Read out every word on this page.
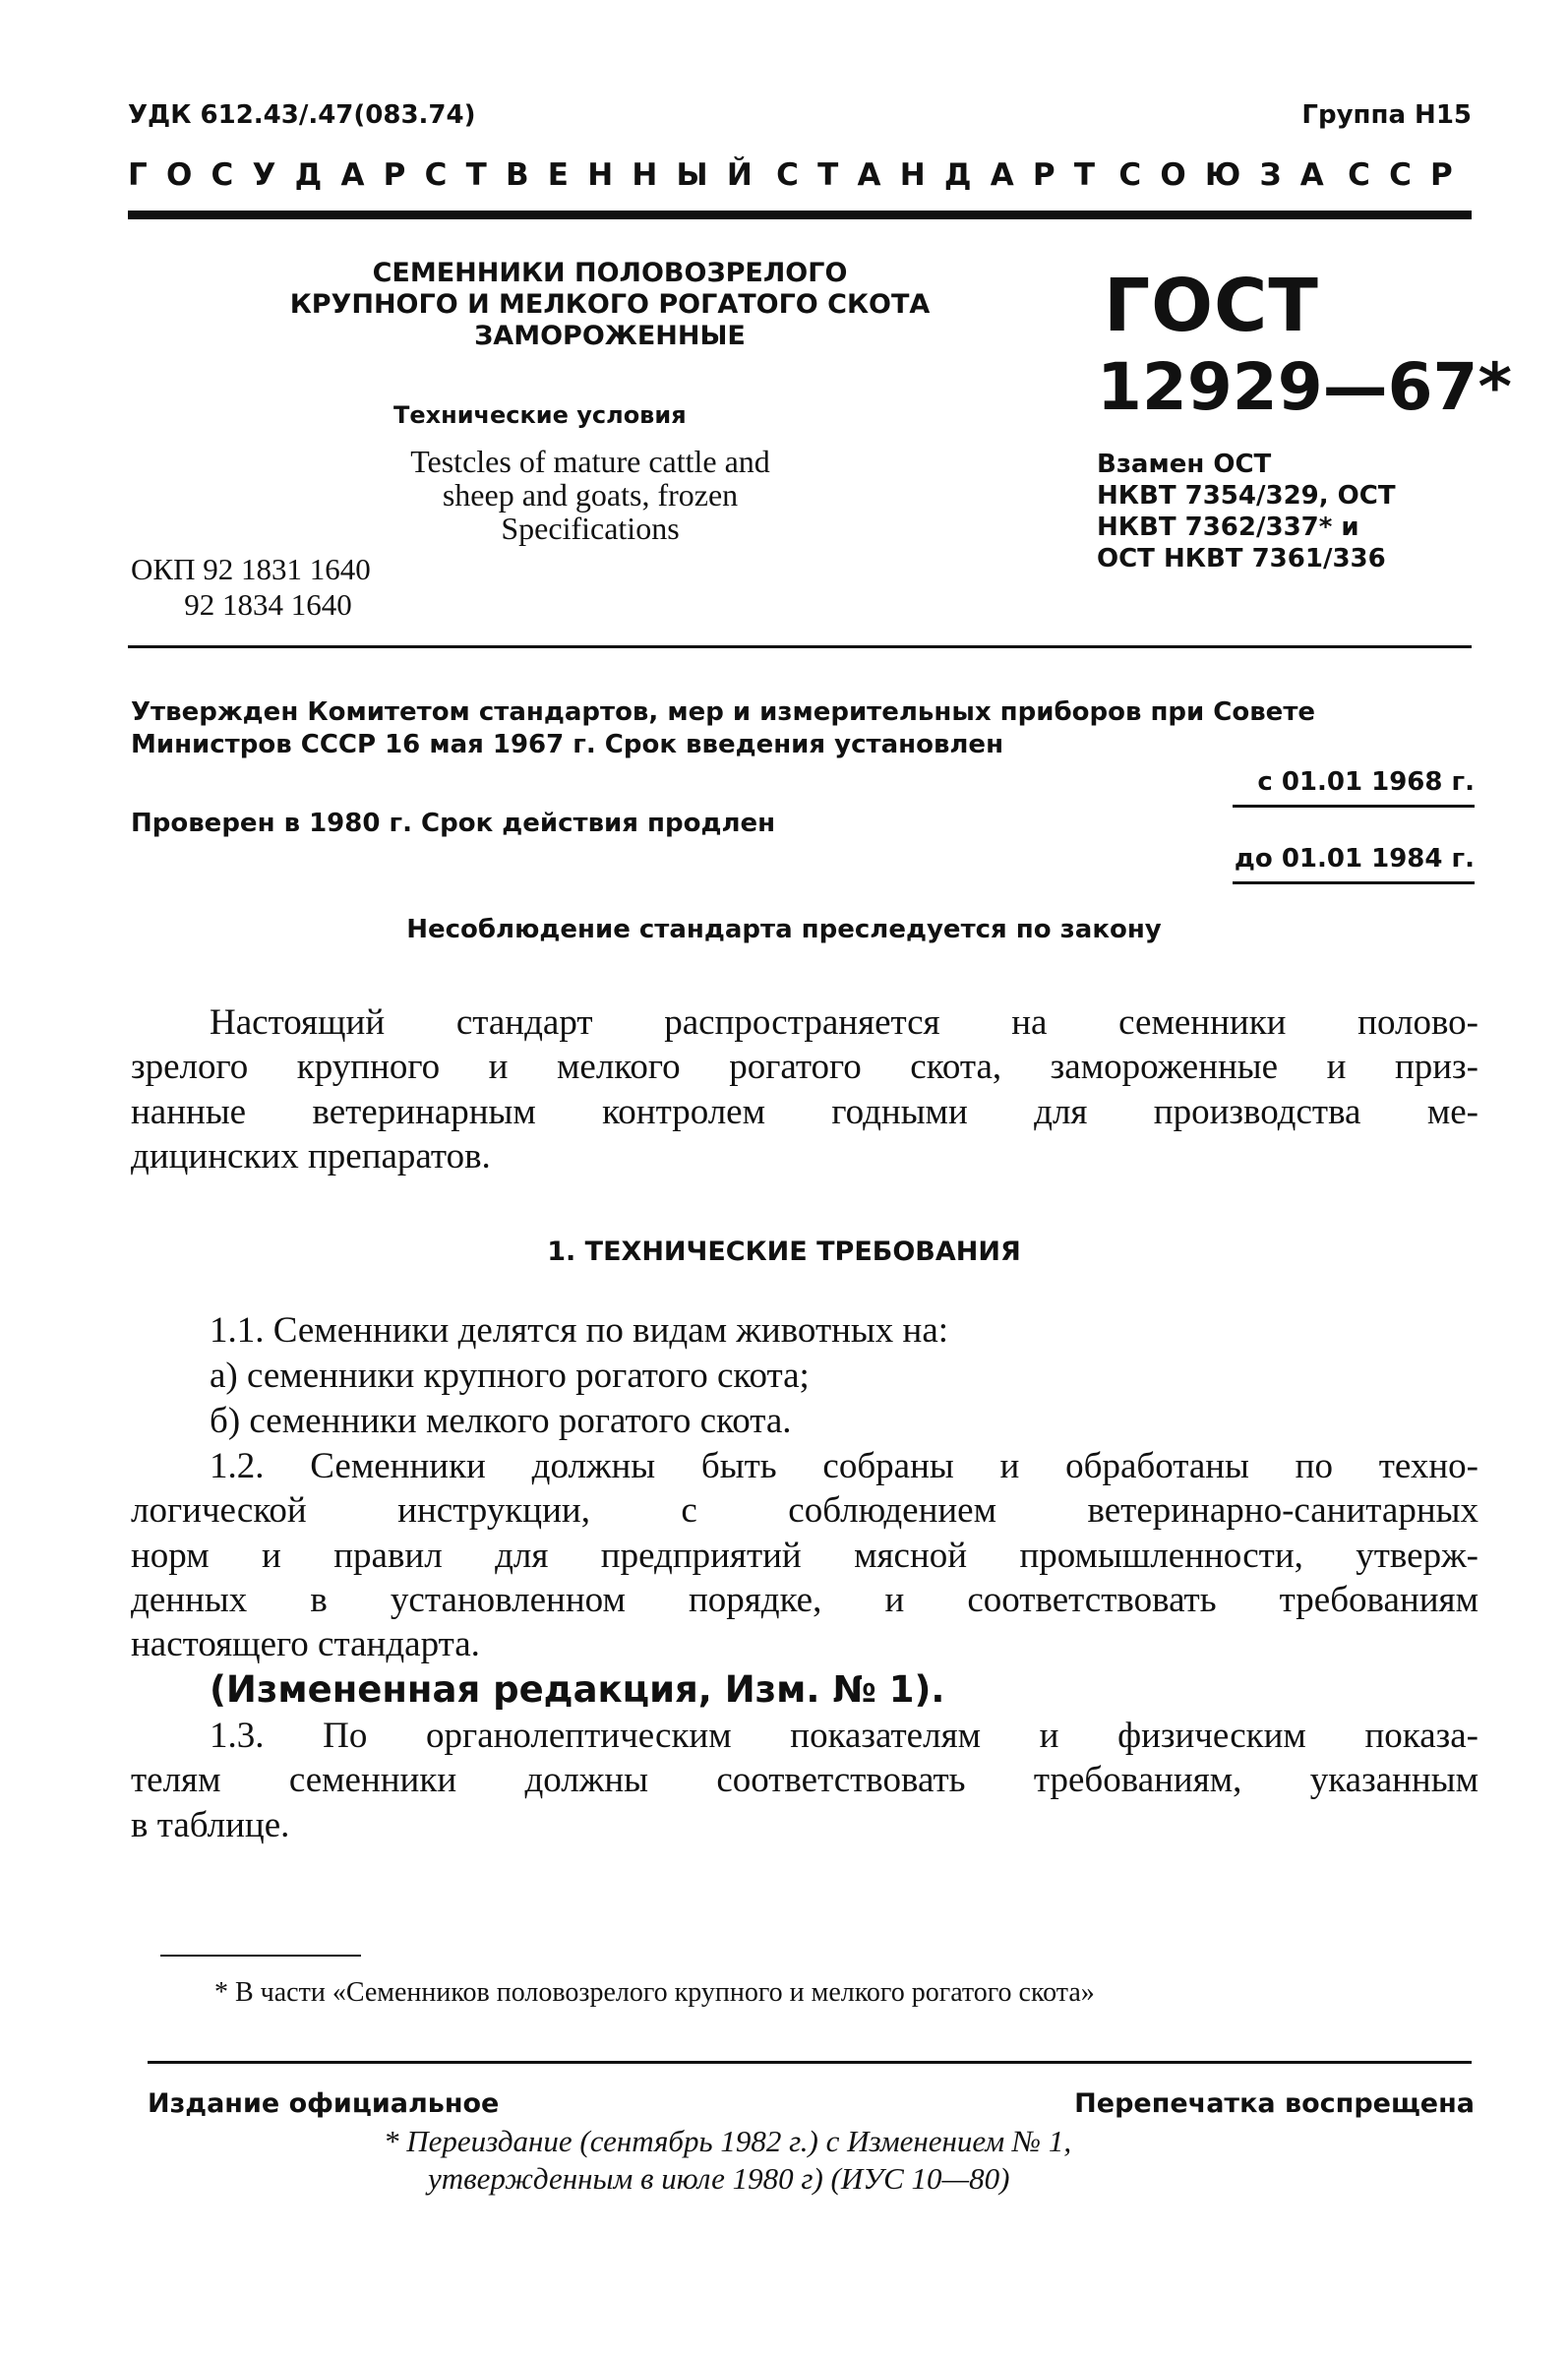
УДК 612.43/.47(083.74)	Группа Н15
ГОСУДАРСТВЕННЫЙ СТАНДАРТ СОЮЗА ССР
СЕМЕННИКИ ПОЛОВОЗРЕЛОГО
КРУПНОГО И МЕЛКОГО РОГАТОГО СКОТА
ЗАМОРОЖЕННЫЕ
Технические условия
Testcles of mature cattle and
sheep and goats, frozen
Specifications
ОКП 92 1831 1640
92 1834 1640
ГОСТ
12929—67*
Взамен ОСТ
НКВТ 7354/329, ОСТ
НКВТ 7362/337* и
ОСТ НКВТ 7361/336
Утвержден Комитетом стандартов, мер и измерительных приборов при Совете Министров СССР 16 мая 1967 г. Срок введения установлен
с 01.01 1968 г.
Проверен в 1980 г. Срок действия продлен
до 01.01 1984 г.
Несоблюдение стандарта преследуется по закону
Настоящий стандарт распространяется на семенники полово-
зрелого крупного и мелкого рогатого скота, замороженные и приз-
нанные ветеринарным контролем годными для производства ме-
дицинских препаратов.
1. ТЕХНИЧЕСКИЕ ТРЕБОВАНИЯ
1.1. Семенники делятся по видам животных на:
а) семенники крупного рогатого скота;
б) семенники мелкого рогатого скота.
1.2. Семенники должны быть собраны и обработаны по техно-
логической инструкции, с соблюдением ветеринарно-санитарных
норм и правил для предприятий мясной промышленности, утверж-
денных в установленном порядке, и соответствовать требованиям
настоящего стандарта.
(Измененная редакция, Изм. № 1).
1.3. По органолептическим показателям и физическим показа-
телям семенники должны соответствовать требованиям, указанным
в таблице.
* В части «Семенников половозрелого крупного и мелкого рогатого скота»
Издание официальное	Перепечатка воспрещена
* Переиздание (сентябрь 1982 г.) с Изменением № 1,
утвержденным в июле 1980 г) (ИУС 10—80)
